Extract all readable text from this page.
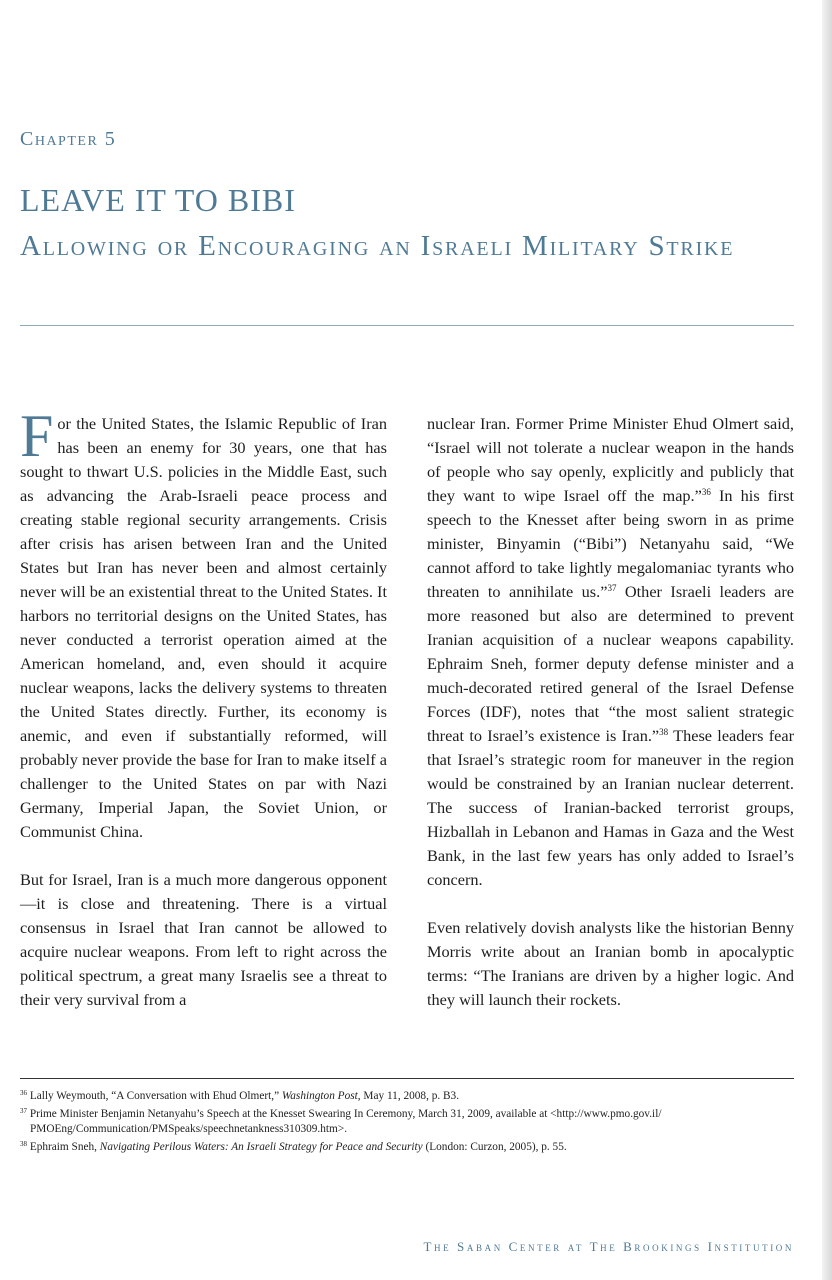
Chapter 5
LEAVE IT TO BIBI
Allowing or Encouraging an Israeli Military Strike

For the United States, the Islamic Republic of Iran has been an enemy for 30 years, one that has sought to thwart U.S. policies in the Middle East, such as advancing the Arab-Israeli peace process and creating stable regional security arrangements. Crisis after crisis has arisen between Iran and the United States but Iran has never been and almost certainly never will be an existential threat to the United States. It harbors no territorial designs on the United States, has never conducted a terrorist operation aimed at the American homeland, and, even should it acquire nuclear weapons, lacks the delivery systems to threaten the United States directly. Further, its economy is anemic, and even if substantially reformed, will probably never provide the base for Iran to make itself a challenger to the United States on par with Nazi Germany, Imperial Japan, the Soviet Union, or Communist China.

But for Israel, Iran is a much more dangerous opponent—it is close and threatening. There is a virtual consensus in Israel that Iran cannot be allowed to acquire nuclear weapons. From left to right across the political spectrum, a great many Israelis see a threat to their very survival from a

nuclear Iran. Former Prime Minister Ehud Olmert said, “Israel will not tolerate a nuclear weapon in the hands of people who say openly, explicitly and publicly that they want to wipe Israel off the map.”$^{36}$ In his first speech to the Knesset after being sworn in as prime minister, Binyamin (“Bibi”) Netanyahu said, “We cannot afford to take lightly megalomaniac tyrants who threaten to annihilate us.”$^{37}$ Other Israeli leaders are more reasoned but also are determined to prevent Iranian acquisition of a nuclear weapons capability. Ephraim Sneh, former deputy defense minister and a much-decorated retired general of the Israel Defense Forces (IDF), notes that “the most salient strategic threat to Israel’s existence is Iran.”$^{38}$ These leaders fear that Israel’s strategic room for maneuver in the region would be constrained by an Iranian nuclear deterrent. The success of Iranian-backed terrorist groups, Hizballah in Lebanon and Hamas in Gaza and the West Bank, in the last few years has only added to Israel’s concern.

Even relatively dovish analysts like the historian Benny Morris write about an Iranian bomb in apocalyptic terms: “The Iranians are driven by a higher logic. And they will launch their rockets.

$^{36}$ Lally Weymouth, “A Conversation with Ehud Olmert,” Washington Post, May 11, 2008, p. B3.

$^{37}$ Prime Minister Benjamin Netanyahu’s Speech at the Knesset Swearing In Ceremony, March 31, 2009, available at <http://www.pmo.gov.il/

PMOEng/Communication/PMSpeaks/speechnetankness310309.htm>.

$^{38}$ Ephraim Sneh, Navigating Perilous Waters: An Israeli Strategy for Peace and Security (London: Curzon, 2005), p. 55.

The Saban Center at The Brookings Institution
